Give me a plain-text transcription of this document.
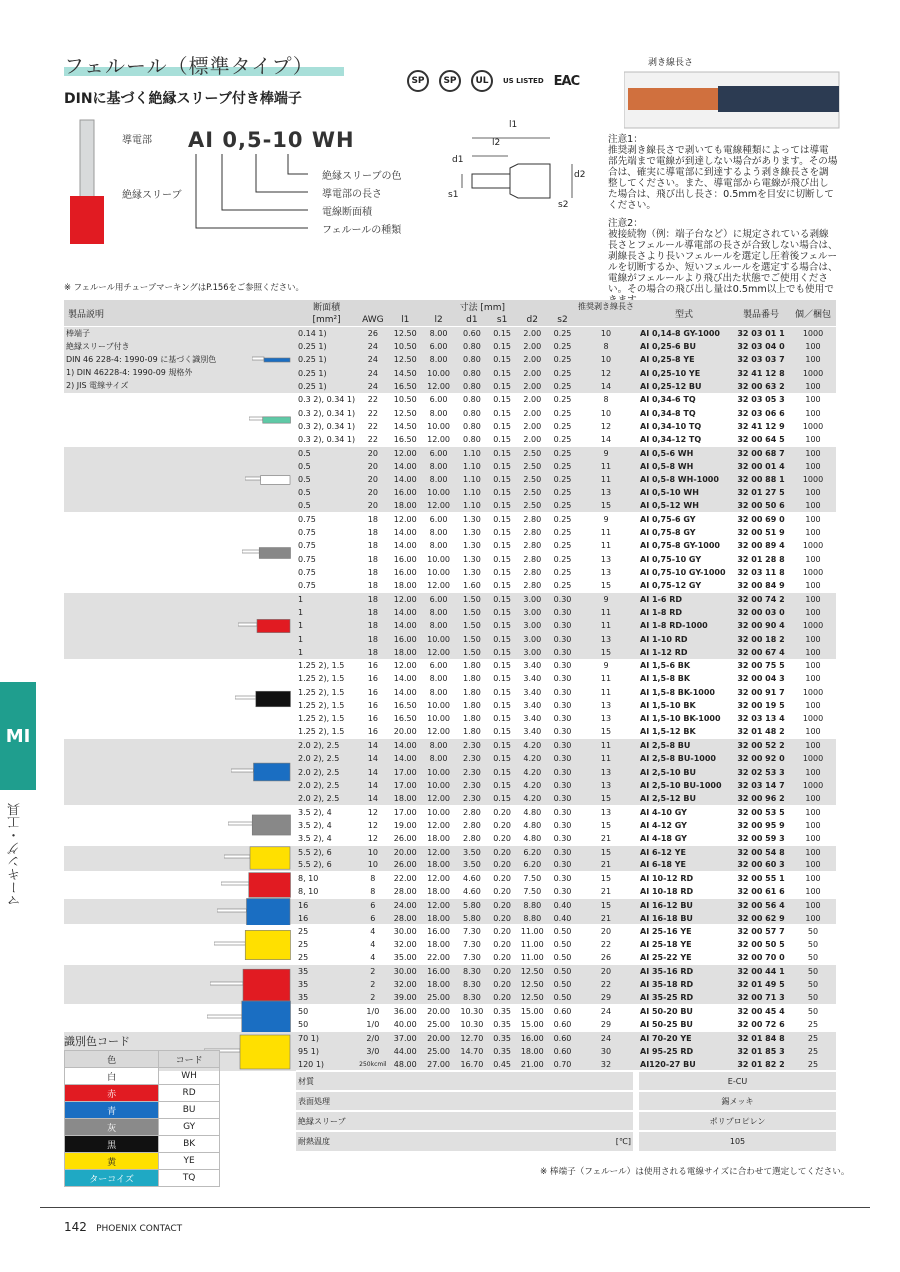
フェルール（標準タイプ）
DINに基づく絶縁スリーブ付き棒端子
SP	SP	UL	US LISTED EAC
導電部
絶縁スリーブ
AI 0,5-10 WH
絶縁スリーブの色
導電部の長さ
電線断面積
フェルールの種類
l1
l2
d1
d2
s1
s2
剥き線長さ
注意1：
推奨剥き線長さで剥いても電線種類によっては導電部先端まで電線が到達しない場合があります。その場合は、確実に導電部に到達するよう剥き線長さを調整してください。また、導電部から電線が飛び出した場合は、飛び出し長さ：0.5mmを目安に切断してください。
注意2：
被接続物（例：端子台など）に規定されている剥線長さとフェルール導電部の長さが合致しない場合は、剥線長さより長いフェルールを選定し圧着後フェルールを切断するか、短いフェルールを選定する場合は、電線がフェルールより飛び出た状態でご使用ください。その場合の飛び出し量は0.5mm以上でも使用で
※ フェルール用チューブマーキングはP.156をご参照ください。
製品説明	断面積		寸法 [mm]						推奨剥き線長さ	型式	製品番号	個／梱包
	[mm²]	AWG	l1	l2	d1	s1	d2	s2				

棒端子
絶縁スリーブ付き
DIN 46 228-4: 1990-09 に基づく識別色
1) DIN 46228-4: 1990-09 規格外
2) JIS 電線サイズ	0.14 1)	26	12.50	8.00	0.60	0.15	2.00	0.25	10	AI 0,14-8 GY-1000	32 03 01 1	1000
	0.25 1)	24	10.50	6.00	0.80	0.15	2.00	0.25	8	AI 0,25-6 BU	32 03 04 0	100
	0.25 1)	24	12.50	8.00	0.80	0.15	2.00	0.25	10	AI 0,25-8 YE	32 03 03 7	100
	0.25 1)	24	14.50	10.00	0.80	0.15	2.00	0.25	12	AI 0,25-10 YE	32 41 12 8	1000
	0.25 1)	24	16.50	12.00	0.80	0.15	2.00	0.25	14	AI 0,25-12 BU	32 00 63 2	100

	0.3 2), 0.34 1)	22	10.50	6.00	0.80	0.15	2.00	0.25	8	AI 0,34-6 TQ	32 03 05 3	100
	0.3 2), 0.34 1)	22	12.50	8.00	0.80	0.15	2.00	0.25	10	AI 0,34-8 TQ	32 03 06 6	100
	0.3 2), 0.34 1)	22	14.50	10.00	0.80	0.15	2.00	0.25	12	AI 0,34-10 TQ	32 41 12 9	1000
	0.3 2), 0.34 1)	22	16.50	12.00	0.80	0.15	2.00	0.25	14	AI 0,34-12 TQ	32 00 64 5	100

	0.5	20	12.00	6.00	1.10	0.15	2.50	0.25	9	AI 0,5-6 WH	32 00 68 7	100
	0.5	20	14.00	8.00	1.10	0.15	2.50	0.25	11	AI 0,5-8 WH	32 00 01 4	100
	0.5	20	14.00	8.00	1.10	0.15	2.50	0.25	11	AI 0,5-8 WH-1000	32 00 88 1	1000
	0.5	20	16.00	10.00	1.10	0.15	2.50	0.25	13	AI 0,5-10 WH	32 01 27 5	100
	0.5	20	18.00	12.00	1.10	0.15	2.50	0.25	15	AI 0,5-12 WH	32 00 50 6	100

	0.75	18	12.00	6.00	1.30	0.15	2.80	0.25	9	AI 0,75-6 GY	32 00 69 0	100
	0.75	18	14.00	8.00	1.30	0.15	2.80	0.25	11	AI 0,75-8 GY	32 00 51 9	100
	0.75	18	14.00	8.00	1.30	0.15	2.80	0.25	11	AI 0,75-8 GY-1000	32 00 89 4	1000
	0.75	18	16.00	10.00	1.30	0.15	2.80	0.25	13	AI 0,75-10 GY	32 01 28 8	100
	0.75	18	16.00	10.00	1.30	0.15	2.80	0.25	13	AI 0,75-10 GY-1000	32 03 11 8	1000
	0.75	18	18.00	12.00	1.60	0.15	2.80	0.25	15	AI 0,75-12 GY	32 00 84 9	100

	1	18	12.00	6.00	1.50	0.15	3.00	0.30	9	AI 1-6 RD	32 00 74 2	100
	1	18	14.00	8.00	1.50	0.15	3.00	0.30	11	AI 1-8 RD	32 00 03 0	100
	1	18	14.00	8.00	1.50	0.15	3.00	0.30	11	AI 1-8 RD-1000	32 00 90 4	1000
	1	18	16.00	10.00	1.50	0.15	3.00	0.30	13	AI 1-10 RD	32 00 18 2	100
	1	18	18.00	12.00	1.50	0.15	3.00	0.30	15	AI 1-12 RD	32 00 67 4	100

	1.25 2), 1.5	16	12.00	6.00	1.80	0.15	3.40	0.30	9	AI 1,5-6 BK	32 00 75 5	100
	1.25 2), 1.5	16	14.00	8.00	1.80	0.15	3.40	0.30	11	AI 1,5-8 BK	32 00 04 3	100
	1.25 2), 1.5	16	14.00	8.00	1.80	0.15	3.40	0.30	11	AI 1,5-8 BK-1000	32 00 91 7	1000
	1.25 2), 1.5	16	16.50	10.00	1.80	0.15	3.40	0.30	13	AI 1,5-10 BK	32 00 19 5	100
	1.25 2), 1.5	16	16.50	10.00	1.80	0.15	3.40	0.30	13	AI 1,5-10 BK-1000	32 03 13 4	1000
	1.25 2), 1.5	16	20.00	12.00	1.80	0.15	3.40	0.30	15	AI 1,5-12 BK	32 01 48 2	100

	2.0 2), 2.5	14	14.00	8.00	2.30	0.15	4.20	0.30	11	AI 2,5-8 BU	32 00 52 2	100
	2.0 2), 2.5	14	14.00	8.00	2.30	0.15	4.20	0.30	11	AI 2,5-8 BU-1000	32 00 92 0	1000
	2.0 2), 2.5	14	17.00	10.00	2.30	0.15	4.20	0.30	13	AI 2,5-10 BU	32 02 53 3	100
	2.0 2), 2.5	14	17.00	10.00	2.30	0.15	4.20	0.30	13	AI 2,5-10 BU-1000	32 03 14 7	1000
	2.0 2), 2.5	14	18.00	12.00	2.30	0.15	4.20	0.30	15	AI 2,5-12 BU	32 00 96 2	100

	3.5 2), 4	12	17.00	10.00	2.80	0.20	4.80	0.30	13	AI 4-10 GY	32 00 53 5	100
	3.5 2), 4	12	19.00	12.00	2.80	0.20	4.80	0.30	15	AI 4-12 GY	32 00 95 9	100
	3.5 2), 4	12	26.00	18.00	2.80	0.20	4.80	0.30	21	AI 4-18 GY	32 00 59 3	100

	5.5 2), 6	10	20.00	12.00	3.50	0.20	6.20	0.30	15	AI 6-12 YE	32 00 54 8	100
	5.5 2), 6	10	26.00	18.00	3.50	0.20	6.20	0.30	21	AI 6-18 YE	32 00 60 3	100

	8, 10	8	22.00	12.00	4.60	0.20	7.50	0.30	15	AI 10-12 RD	32 00 55 1	100
	8, 10	8	28.00	18.00	4.60	0.20	7.50	0.30	21	AI 10-18 RD	32 00 61 6	100

	16	6	24.00	12.00	5.80	0.20	8.80	0.40	15	AI 16-12 BU	32 00 56 4	100
	16	6	28.00	18.00	5.80	0.20	8.80	0.40	21	AI 16-18 BU	32 00 62 9	100

	25	4	30.00	16.00	7.30	0.20	11.00	0.50	20	AI 25-16 YE	32 00 57 7	50
	25	4	32.00	18.00	7.30	0.20	11.00	0.50	22	AI 25-18 YE	32 00 50 5	50
	25	4	35.00	22.00	7.30	0.20	11.00	0.50	26	AI 25-22 YE	32 00 70 0	50

	35	2	30.00	16.00	8.30	0.20	12.50	0.50	20	AI 35-16 RD	32 00 44 1	50
	35	2	32.00	18.00	8.30	0.20	12.50	0.50	22	AI 35-18 RD	32 01 49 5	50
	35	2	39.00	25.00	8.30	0.20	12.50	0.50	29	AI 35-25 RD	32 00 71 3	50

	50	1/0	36.00	20.00	10.30	0.35	15.00	0.60	24	AI 50-20 BU	32 00 45 4	50
	50	1/0	40.00	25.00	10.30	0.35	15.00	0.60	29	AI 50-25 BU	32 00 72 6	25

	70 1)	2/0	37.00	20.00	12.70	0.35	16.00	0.60	24	AI 70-20 YE	32 01 84 8	25
	95 1)	3/0	44.00	25.00	14.70	0.35	18.00	0.60	30	AI 95-25 RD	32 01 85 3	25
	120 1)	250kcmil	48.00	27.00	16.70	0.45	21.00	0.70	32	AI120-27 BU	32 01 82 2	25
	材質									E-CU		
	表面処理									錫メッキ		
	絶縁スリーブ									ポリプロピレン		
	耐熱温度		[℃]							105		
MI
マーキング・工具
識別色コード
色	コード
白	WH
赤	RD
青	BU
灰	GY
黒	BK
黄	YE
ターコイズ	TQ
※ 棒端子（フェルール）は使用される電線サイズに合わせて選定してください。
142 PHOENIX CONTACT
